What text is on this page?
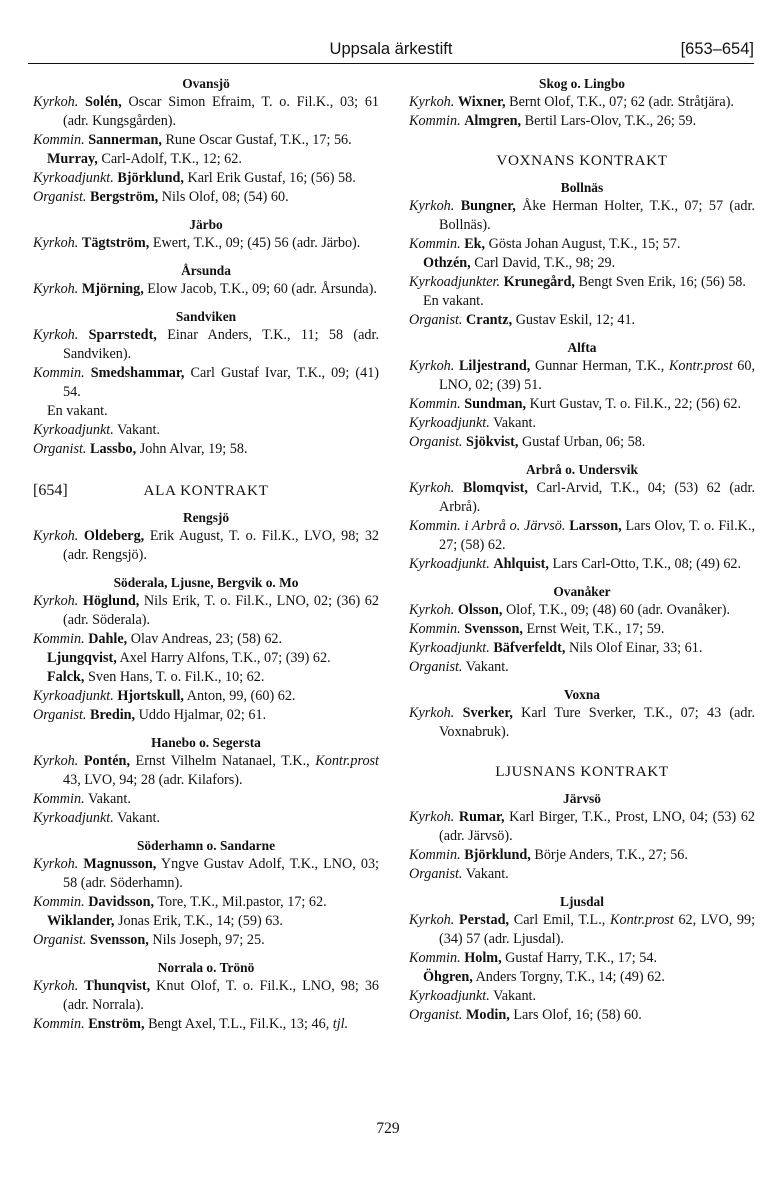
Uppsala ärkestift	[653–654]
Ovansjö
Kyrkoh. Solén, Oscar Simon Efraim, T. o. Fil.K., 03; 61 (adr. Kungsgården).
Kommin. Sannerman, Rune Oscar Gustaf, T.K., 17; 56.
Murray, Carl-Adolf, T.K., 12; 62.
Kyrkoadjunkt. Björklund, Karl Erik Gustaf, 16; (56) 58.
Organist. Bergström, Nils Olof, 08; (54) 60.
Järbo
Kyrkoh. Tägtström, Ewert, T.K., 09; (45) 56 (adr. Järbo).
Årsunda
Kyrkoh. Mjörning, Elow Jacob, T.K., 09; 60 (adr. Årsunda).
Sandviken
Kyrkoh. Sparrstedt, Einar Anders, T.K., 11; 58 (adr. Sandviken).
Kommin. Smedshammar, Carl Gustaf Ivar, T.K., 09; (41) 54.
En vakant.
Kyrkoadjunkt. Vakant.
Organist. Lassbo, John Alvar, 19; 58.
[654]	ALA KONTRAKT
Rengsjö
Kyrkoh. Oldeberg, Erik August, T. o. Fil.K., LVO, 98; 32 (adr. Rengsjö).
Söderala, Ljusne, Bergvik o. Mo
Kyrkoh. Höglund, Nils Erik, T. o. Fil.K., LNO, 02; (36) 62 (adr. Söderala).
Kommin. Dahle, Olav Andreas, 23; (58) 62.
Ljungqvist, Axel Harry Alfons, T.K., 07; (39) 62.
Falck, Sven Hans, T. o. Fil.K., 10; 62.
Kyrkoadjunkt. Hjortskull, Anton, 99, (60) 62.
Organist. Bredin, Uddo Hjalmar, 02; 61.
Hanebo o. Segersta
Kyrkoh. Pontén, Ernst Vilhelm Natanael, T.K., Kontr.prost 43, LVO, 94; 28 (adr. Kilafors).
Kommin. Vakant.
Kyrkoadjunkt. Vakant.
Söderhamn o. Sandarne
Kyrkoh. Magnusson, Yngve Gustav Adolf, T.K., LNO, 03; 58 (adr. Söderhamn).
Kommin. Davidsson, Tore, T.K., Mil.pastor, 17; 62.
Wiklander, Jonas Erik, T.K., 14; (59) 63.
Organist. Svensson, Nils Joseph, 97; 25.
Norrala o. Trönö
Kyrkoh. Thunqvist, Knut Olof, T. o. Fil.K., LNO, 98; 36 (adr. Norrala).
Kommin. Enström, Bengt Axel, T.L., Fil.K., 13; 46, tjl.
Skog o. Lingbo
Kyrkoh. Wixner, Bernt Olof, T.K., 07; 62 (adr. Stråtjära).
Kommin. Almgren, Bertil Lars-Olov, T.K., 26; 59.
VOXNANS KONTRAKT
Bollnäs
Kyrkoh. Bungner, Åke Herman Holter, T.K., 07; 57 (adr. Bollnäs).
Kommin. Ek, Gösta Johan August, T.K., 15; 57.
Othzén, Carl David, T.K., 98; 29.
Kyrkoadjunkter. Krunegård, Bengt Sven Erik, 16; (56) 58.
En vakant.
Organist. Crantz, Gustav Eskil, 12; 41.
Alfta
Kyrkoh. Liljestrand, Gunnar Herman, T.K., Kontr.prost 60, LNO, 02; (39) 51.
Kommin. Sundman, Kurt Gustav, T. o. Fil.K., 22; (56) 62.
Kyrkoadjunkt. Vakant.
Organist. Sjökvist, Gustaf Urban, 06; 58.
Arbrå o. Undersvik
Kyrkoh. Blomqvist, Carl-Arvid, T.K., 04; (53) 62 (adr. Arbrå).
Kommin. i Arbrå o. Järvsö. Larsson, Lars Olov, T. o. Fil.K., 27; (58) 62.
Kyrkoadjunkt. Ahlquist, Lars Carl-Otto, T.K., 08; (49) 62.
Ovanåker
Kyrkoh. Olsson, Olof, T.K., 09; (48) 60 (adr. Ovanåker).
Kommin. Svensson, Ernst Weit, T.K., 17; 59.
Kyrkoadjunkt. Bäfverfeldt, Nils Olof Einar, 33; 61.
Organist. Vakant.
Voxna
Kyrkoh. Sverker, Karl Ture Sverker, T.K., 07; 43 (adr. Voxnabruk).
LJUSNANS KONTRAKT
Järvsö
Kyrkoh. Rumar, Karl Birger, T.K., Prost, LNO, 04; (53) 62 (adr. Järvsö).
Kommin. Björklund, Börje Anders, T.K., 27; 56.
Organist. Vakant.
Ljusdal
Kyrkoh. Perstad, Carl Emil, T.L., Kontr.prost 62, LVO, 99; (34) 57 (adr. Ljusdal).
Kommin. Holm, Gustaf Harry, T.K., 17; 54.
Öhgren, Anders Torgny, T.K., 14; (49) 62.
Kyrkoadjunkt. Vakant.
Organist. Modin, Lars Olof, 16; (58) 60.
729
